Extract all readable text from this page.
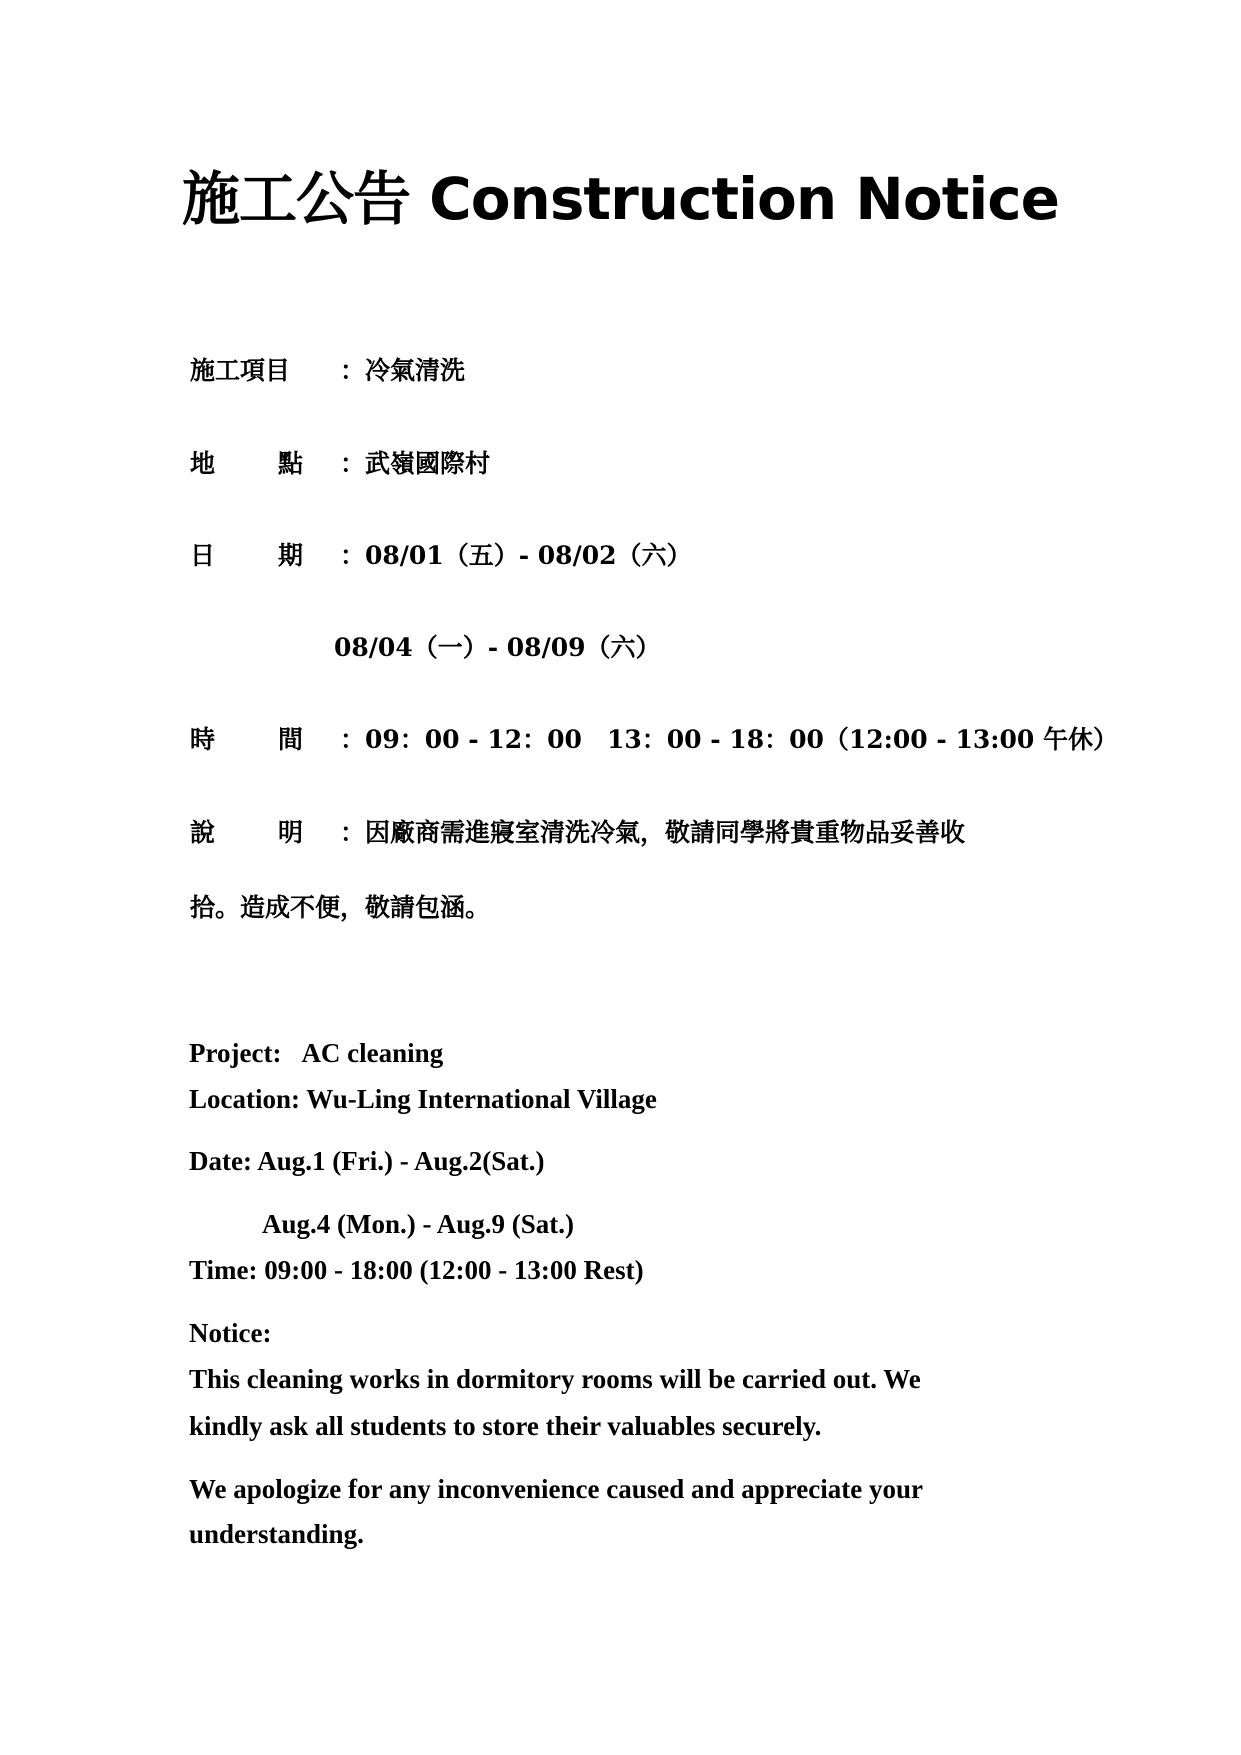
施工公告 Construction Notice
施工項目 ：冷氣清洗
地	點 ：武嶺國際村
日	期 ：08/01（五）- 08/02（六）
08/04（一）- 08/09（六）
時	間 ：09：00 - 12：00　13：00 - 18：00（12:00 - 13:00 午休）
說	明 ：因廠商需進寢室清洗冷氣，敬請同學將貴重物品妥善收
拾。造成不便，敬請包涵。
Project: AC cleaning
Location: Wu-Ling International Village
Date: Aug.1 (Fri.) - Aug.2(Sat.)
Aug.4 (Mon.) - Aug.9 (Sat.)
Time: 09:00 - 18:00 (12:00 - 13:00 Rest)
Notice:
This cleaning works in dormitory rooms will be carried out. We
kindly ask all students to store their valuables securely.
We apologize for any inconvenience caused and appreciate your
understanding.
